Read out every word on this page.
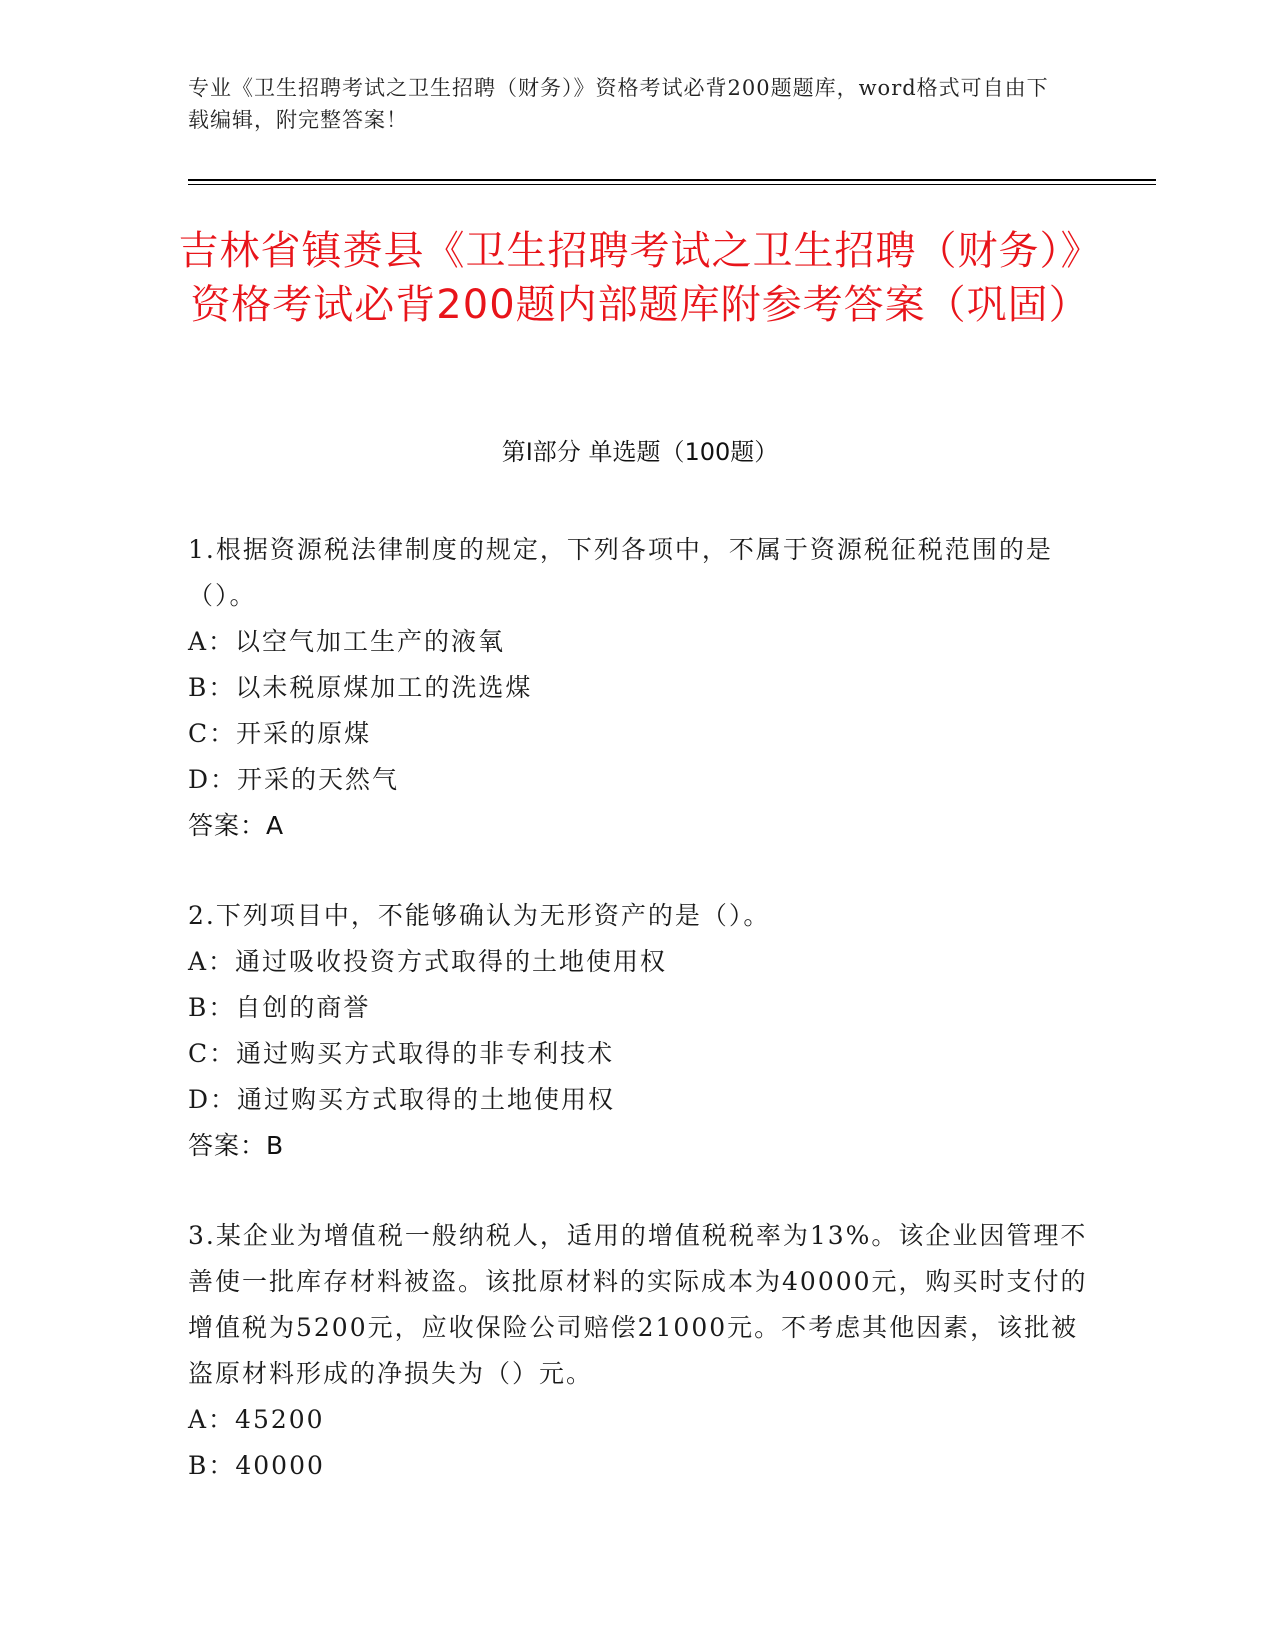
专业《卫生招聘考试之卫生招聘（财务）》资格考试必背200题题库，word格式可自由下载编辑，附完整答案！
吉林省镇赉县《卫生招聘考试之卫生招聘（财务）》资格考试必背200题内部题库附参考答案（巩固）
第Ⅰ部分 单选题（100题）
1.根据资源税法律制度的规定，下列各项中，不属于资源税征税范围的是（）。
A：以空气加工生产的液氧
B：以未税原煤加工的洗选煤
C：开采的原煤
D：开采的天然气
答案：A
2.下列项目中，不能够确认为无形资产的是（）。
A：通过吸收投资方式取得的土地使用权
B：自创的商誉
C：通过购买方式取得的非专利技术
D：通过购买方式取得的土地使用权
答案：B
3.某企业为增值税一般纳税人，适用的增值税税率为13%。该企业因管理不善使一批库存材料被盗。该批原材料的实际成本为40000元，购买时支付的增值税为5200元，应收保险公司赔偿21000元。不考虑其他因素，该批被盗原材料形成的净损失为（）元。
A：45200
B：40000
